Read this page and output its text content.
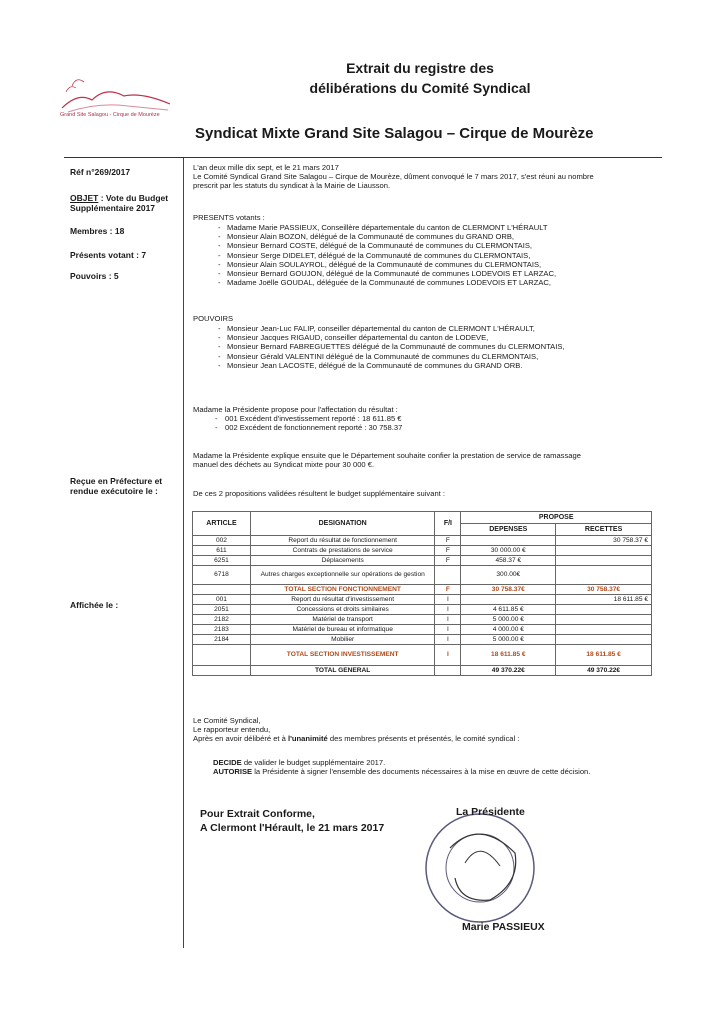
Grand Site Salagou - Cirque de Mourèze
Extrait du registre des
délibérations du Comité Syndical
Syndicat Mixte Grand Site Salagou – Cirque de Mourèze
Réf n°269/2017
OBJET : Vote du Budget
Supplémentaire 2017
Membres : 18
Présents votant : 7
Pouvoirs : 5
Reçue en Préfecture et
rendue exécutoire le :
Affichée le :
L'an deux mille dix sept, et le 21 mars 2017
Le Comité Syndical Grand Site Salagou – Cirque de Mourèze, dûment convoqué le 7 mars 2017, s'est réuni au nombre
prescrit par les statuts du syndicat à la Mairie de Liausson.
PRESENTS votants :
- Madame Marie PASSIEUX, Conseillère départementale du canton de CLERMONT L'HÉRAULT
- Monsieur Alain BOZON, délégué de la Communauté de communes du GRAND ORB,
- Monsieur Bernard COSTE, délégué de la Communauté de communes du CLERMONTAIS,
- Monsieur Serge DIDELET, délégué de la Communauté de communes du CLERMONTAIS,
- Monsieur Alain SOULAYROL, délégué de la Communauté de communes du CLERMONTAIS,
- Monsieur Bernard GOUJON, délégué de la Communauté de communes LODEVOIS ET LARZAC,
- Madame Joëlle GOUDAL, déléguée de la Communauté de communes LODEVOIS ET LARZAC,
POUVOIRS
- Monsieur Jean-Luc FALIP, conseiller départemental du canton de CLERMONT L'HÉRAULT,
- Monsieur Jacques RIGAUD, conseiller départemental du canton de LODEVE,
- Monsieur Bernard FABREGUETTES délégué de la Communauté de communes du CLERMONTAIS,
- Monsieur Gérald VALENTINI délégué de la Communauté de communes du CLERMONTAIS,
- Monsieur Jean LACOSTE, délégué de la Communauté de communes du GRAND ORB.
Madame la Présidente propose pour l'affectation du résultat :
- 001 Excédent d'investissement reporté : 18 611.85 €
- 002 Excédent de fonctionnement reporté : 30 758.37
Madame la Présidente explique ensuite que le Département souhaite confier la prestation de service de ramassage
manuel des déchets au Syndicat mixte pour 30 000 €.
De ces 2 propositions validées résultent le budget supplémentaire suivant :
ARTICLE	DESIGNATION	F/I	PROPOSE	
			DEPENSES	RECETTES
002	Report du résultat de fonctionnement	F		30 758.37 €
611	Contrats de prestations de service	F	30 000.00 €	
6251	Déplacements	F	458.37 €	
6718	Autres charges exceptionnelle sur opérations de gestion		300.00€	
	TOTAL SECTION FONCTIONNEMENT	F	30 758.37€	30 758.37€
001	Report du résultat d'investissement	I		18 611.85 €
2051	Concessions et droits similaires	I	4 611.85 €	
2182	Matériel de transport	I	5 000.00 €	
2183	Matériel de bureau et informatique	I	4 000.00 €	
2184	Mobilier	I	5 000.00 €	
	TOTAL SECTION INVESTISSEMENT	I	18 611.85 €	18 611.85 €
	TOTAL GENERAL		49 370.22€	49 370.22€
Le Comité Syndical,
Le rapporteur entendu,
Après en avoir délibéré et à l'unanimité des membres présents et présentés, le comité syndical :
DECIDE de valider le budget supplémentaire 2017.
AUTORISE la Présidente à signer l'ensemble des documents nécessaires à la mise en œuvre de cette décision.
Pour Extrait Conforme,
A Clermont l'Hérault, le 21 mars 2017
La Présidente
Marie PASSIEUX
